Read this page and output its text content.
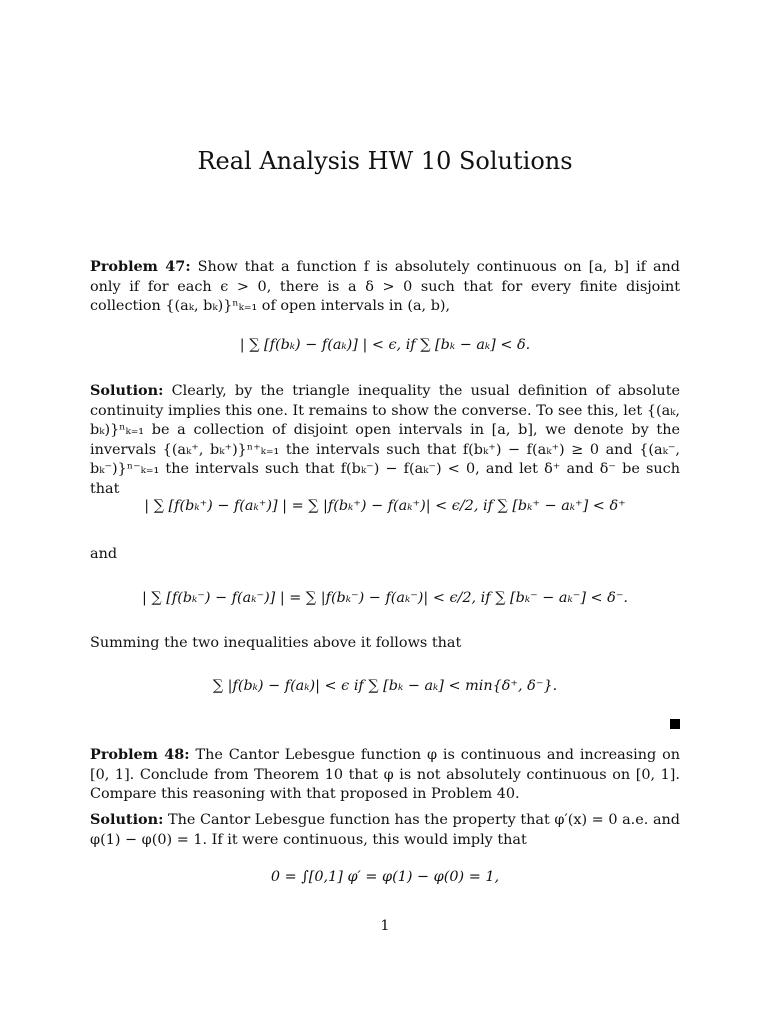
Real Analysis HW 10 Solutions

Problem 47: Show that a function f is absolutely continuous on [a, b] if and only if for each ϵ > 0, there is a δ > 0 such that for every finite disjoint collection {(aₖ, bₖ)}ⁿₖ₌₁ of open intervals in (a, b),

| ∑ [f(bₖ) − f(aₖ)] | < ϵ, if ∑ [bₖ − aₖ] < δ.

Solution: Clearly, by the triangle inequality the usual definition of absolute continuity implies this one. It remains to show the converse. To see this, let {(aₖ, bₖ)}ⁿₖ₌₁ be a collection of disjoint open intervals in [a, b], we denote by the invervals {(aₖ⁺, bₖ⁺)}ⁿ⁺ₖ₌₁ the intervals such that f(bₖ⁺) − f(aₖ⁺) ≥ 0 and {(aₖ⁻, bₖ⁻)}ⁿ⁻ₖ₌₁ the intervals such that f(bₖ⁻) − f(aₖ⁻) < 0, and let δ⁺ and δ⁻ be such that

| ∑ [f(bₖ⁺) − f(aₖ⁺)] | = ∑ |f(bₖ⁺) − f(aₖ⁺)| < ϵ/2, if ∑ [bₖ⁺ − aₖ⁺] < δ⁺

and

| ∑ [f(bₖ⁻) − f(aₖ⁻)] | = ∑ |f(bₖ⁻) − f(aₖ⁻)| < ϵ/2, if ∑ [bₖ⁻ − aₖ⁻] < δ⁻.

Summing the two inequalities above it follows that

∑ |f(bₖ) − f(aₖ)| < ϵ if ∑ [bₖ − aₖ] < min{δ⁺, δ⁻}.

Problem 48: The Cantor Lebesgue function φ is continuous and increasing on [0, 1]. Conclude from Theorem 10 that φ is not absolutely continuous on [0, 1]. Compare this reasoning with that proposed in Problem 40.

Solution: The Cantor Lebesgue function has the property that φ′(x) = 0 a.e. and φ(1) − φ(0) = 1. If it were continuous, this would imply that

0 = ∫[0,1] φ′ = φ(1) − φ(0) = 1,
1
